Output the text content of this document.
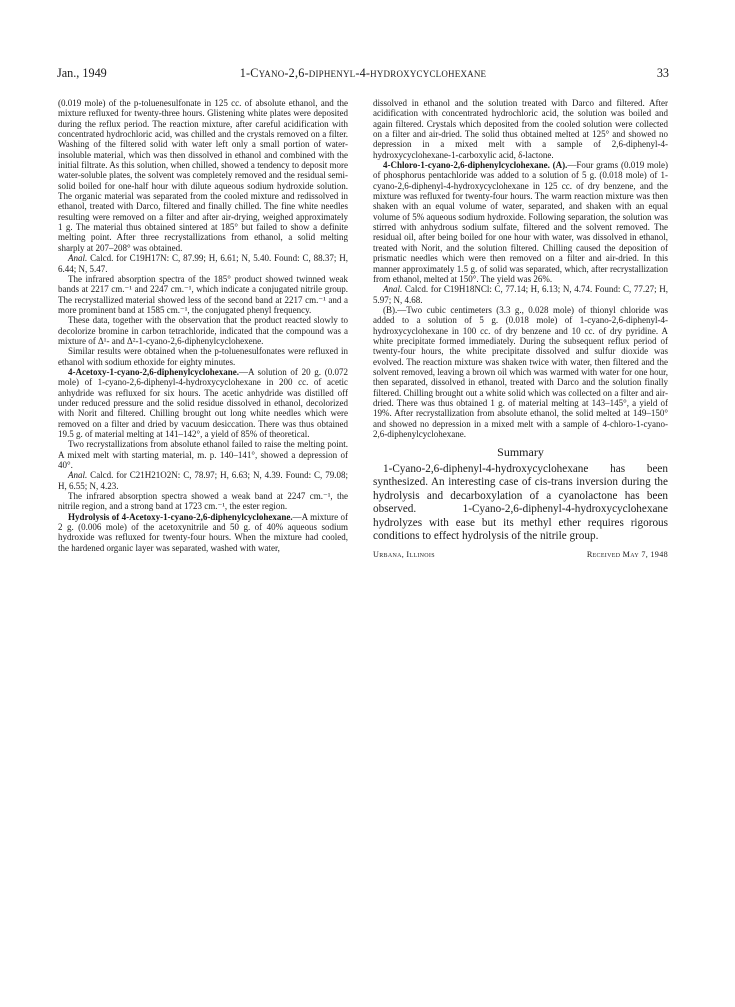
Jan., 1949	1-Cyano-2,6-diphenyl-4-hydroxycyclohexane	33

(0.019 mole) of the p-toluenesulfonate in 125 cc. of absolute ethanol, and the mixture refluxed for twenty-three hours. Glistening white plates were deposited during the reflux period. The reaction mixture, after careful acidification with concentrated hydrochloric acid, was chilled and the crystals removed on a filter. Washing of the filtered solid with water left only a small portion of water-insoluble material, which was then dissolved in ethanol and combined with the initial filtrate. As this solution, when chilled, showed a tendency to deposit more water-soluble plates, the solvent was completely removed and the residual semi-solid boiled for one-half hour with dilute aqueous sodium hydroxide solution. The organic material was separated from the cooled mixture and redissolved in ethanol, treated with Darco, filtered and finally chilled. The fine white needles resulting were removed on a filter and after air-drying, weighed approximately 1 g. The material thus obtained sintered at 185° but failed to show a definite melting point. After three recrystallizations from ethanol, a solid melting sharply at 207–208° was obtained.

Anal. Calcd. for C19H17N: C, 87.99; H, 6.61; N, 5.40. Found: C, 88.37; H, 6.44; N, 5.47.

The infrared absorption spectra of the 185° product showed twinned weak bands at 2217 cm.⁻¹ and 2247 cm.⁻¹, which indicate a conjugated nitrile group. The recrystallized material showed less of the second band at 2217 cm.⁻¹ and a more prominent band at 1585 cm.⁻¹, the conjugated phenyl frequency.

These data, together with the observation that the product reacted slowly to decolorize bromine in carbon tetrachloride, indicated that the compound was a mixture of Δ¹- and Δ²-1-cyano-2,6-diphenylcyclohexene.

Similar results were obtained when the p-toluenesulfonates were refluxed in ethanol with sodium ethoxide for eighty minutes.

4-Acetoxy-1-cyano-2,6-diphenylcyclohexane.—A solution of 20 g. (0.072 mole) of 1-cyano-2,6-diphenyl-4-hydroxycyclohexane in 200 cc. of acetic anhydride was refluxed for six hours. The acetic anhydride was distilled off under reduced pressure and the solid residue dissolved in ethanol, decolorized with Norit and filtered. Chilling brought out long white needles which were removed on a filter and dried by vacuum desiccation. There was thus obtained 19.5 g. of material melting at 141–142°, a yield of 85% of theoretical.

Two recrystallizations from absolute ethanol failed to raise the melting point. A mixed melt with starting material, m. p. 140–141°, showed a depression of 40°.

Anal. Calcd. for C21H21O2N: C, 78.97; H, 6.63; N, 4.39. Found: C, 79.08; H, 6.55; N, 4.23.

The infrared absorption spectra showed a weak band at 2247 cm.⁻¹, the nitrile region, and a strong band at 1723 cm.⁻¹, the ester region.

Hydrolysis of 4-Acetoxy-1-cyano-2,6-diphenylcyclohexane.—A mixture of 2 g. (0.006 mole) of the acetoxynitrile and 50 g. of 40% aqueous sodium hydroxide was refluxed for twenty-four hours. When the mixture had cooled, the hardened organic layer was separated, washed with water,

dissolved in ethanol and the solution treated with Darco and filtered. After acidification with concentrated hydrochloric acid, the solution was boiled and again filtered. Crystals which deposited from the cooled solution were collected on a filter and air-dried. The solid thus obtained melted at 125° and showed no depression in a mixed melt with a sample of 2,6-diphenyl-4-hydroxycyclohexane-1-carboxylic acid, δ-lactone.

4-Chloro-1-cyano-2,6-diphenylcyclohexane. (A).—Four grams (0.019 mole) of phosphorus pentachloride was added to a solution of 5 g. (0.018 mole) of 1-cyano-2,6-diphenyl-4-hydroxycyclohexane in 125 cc. of dry benzene, and the mixture was refluxed for twenty-four hours. The warm reaction mixture was then shaken with an equal volume of water, separated, and shaken with an equal volume of 5% aqueous sodium hydroxide. Following separation, the solution was stirred with anhydrous sodium sulfate, filtered and the solvent removed. The residual oil, after being boiled for one hour with water, was dissolved in ethanol, treated with Norit, and the solution filtered. Chilling caused the deposition of prismatic needles which were then removed on a filter and air-dried. In this manner approximately 1.5 g. of solid was separated, which, after recrystallization from ethanol, melted at 150°. The yield was 26%.

Anal. Calcd. for C19H18NCl: C, 77.14; H, 6.13; N, 4.74. Found: C, 77.27; H, 5.97; N, 4.68.

(B).—Two cubic centimeters (3.3 g., 0.028 mole) of thionyl chloride was added to a solution of 5 g. (0.018 mole) of 1-cyano-2,6-diphenyl-4-hydroxycyclohexane in 100 cc. of dry benzene and 10 cc. of dry pyridine. A white precipitate formed immediately. During the subsequent reflux period of twenty-four hours, the white precipitate dissolved and sulfur dioxide was evolved. The reaction mixture was shaken twice with water, then filtered and the solvent removed, leaving a brown oil which was warmed with water for one hour, then separated, dissolved in ethanol, treated with Darco and the solution finally filtered. Chilling brought out a white solid which was collected on a filter and air-dried. There was thus obtained 1 g. of material melting at 143–145°, a yield of 19%. After recrystallization from absolute ethanol, the solid melted at 149–150° and showed no depression in a mixed melt with a sample of 4-chloro-1-cyano-2,6-diphenylcyclohexane.

Summary

1-Cyano-2,6-diphenyl-4-hydroxycyclohexane has been synthesized. An interesting case of cis-trans inversion during the hydrolysis and decarboxylation of a cyanolactone has been observed. 1-Cyano-2,6-diphenyl-4-hydroxycyclohexane hydrolyzes with ease but its methyl ether requires rigorous conditions to effect hydrolysis of the nitrile group.

Urbana, Illinois	Received May 7, 1948
